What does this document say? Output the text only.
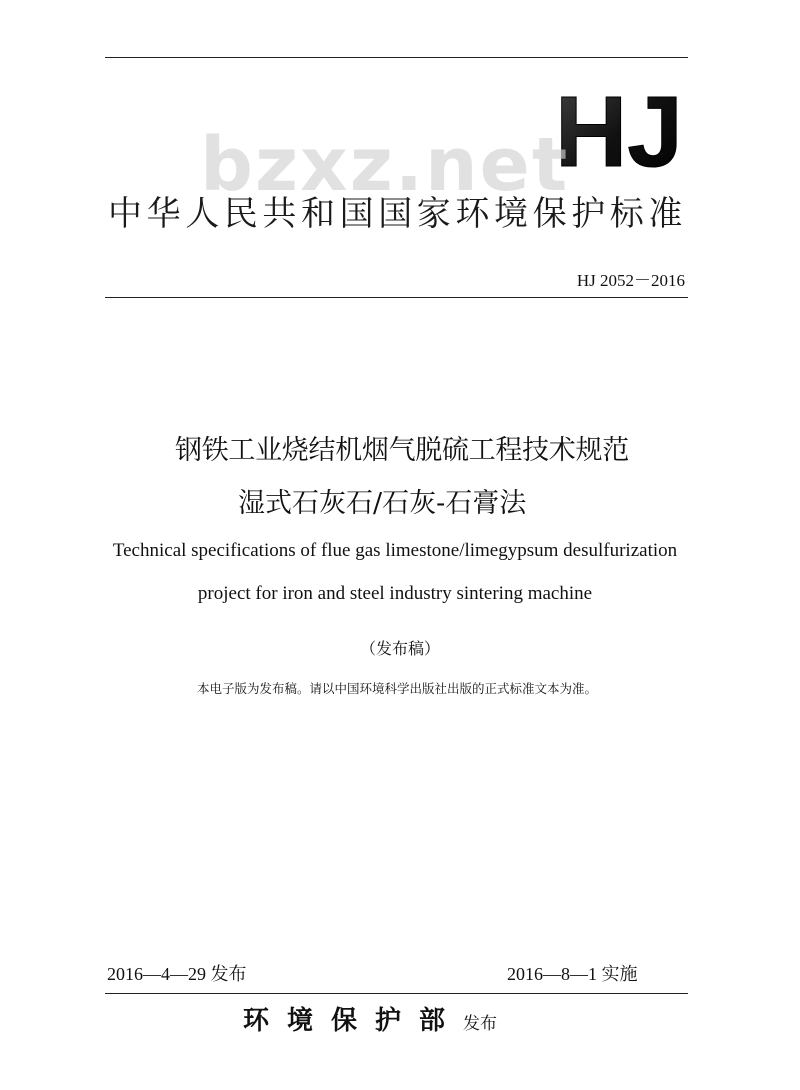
HJ
bzxz.net
中华人民共和国国家环境保护标准
HJ 2052－2016
钢铁工业烧结机烟气脱硫工程技术规范
湿式石灰石/石灰-石膏法
Technical specifications of flue gas limestone/limegypsum desulfurization
project for iron and steel industry sintering machine
（发布稿）
本电子版为发布稿。请以中国环境科学出版社出版的正式标准文本为准。
2016—4—29 发布	2016—8—1 实施
环境保护部发布
